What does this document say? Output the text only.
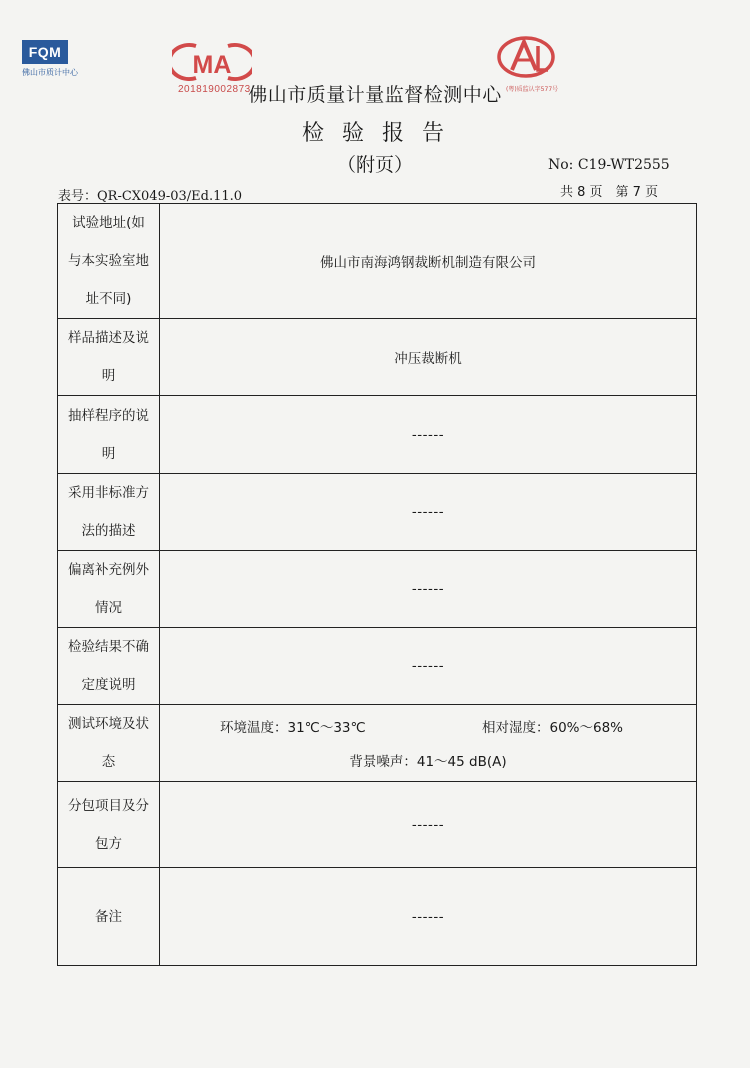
FQM
佛山市质计中心	MA
201819002873	(粤)质监认字577号
佛山市质量计量监督检测中心
检验报告
（附页）	No: C19-WT2555
表号：QR-CX049-03/Ed.11.0	共 8 页　第 7 页
试验地址(如与本实验室地址不同)	佛山市南海鸿钢裁断机制造有限公司
样品描述及说明	冲压裁断机
抽样程序的说明	------
采用非标准方法的描述	------
偏离补充例外情况	------
检验结果不确定度说明	------
测试环境及状态	环境温度：31℃～33℃ 相对湿度：60%～68%
背景噪声：41～45 dB(A)

分包项目及分包方	------
备注	------
